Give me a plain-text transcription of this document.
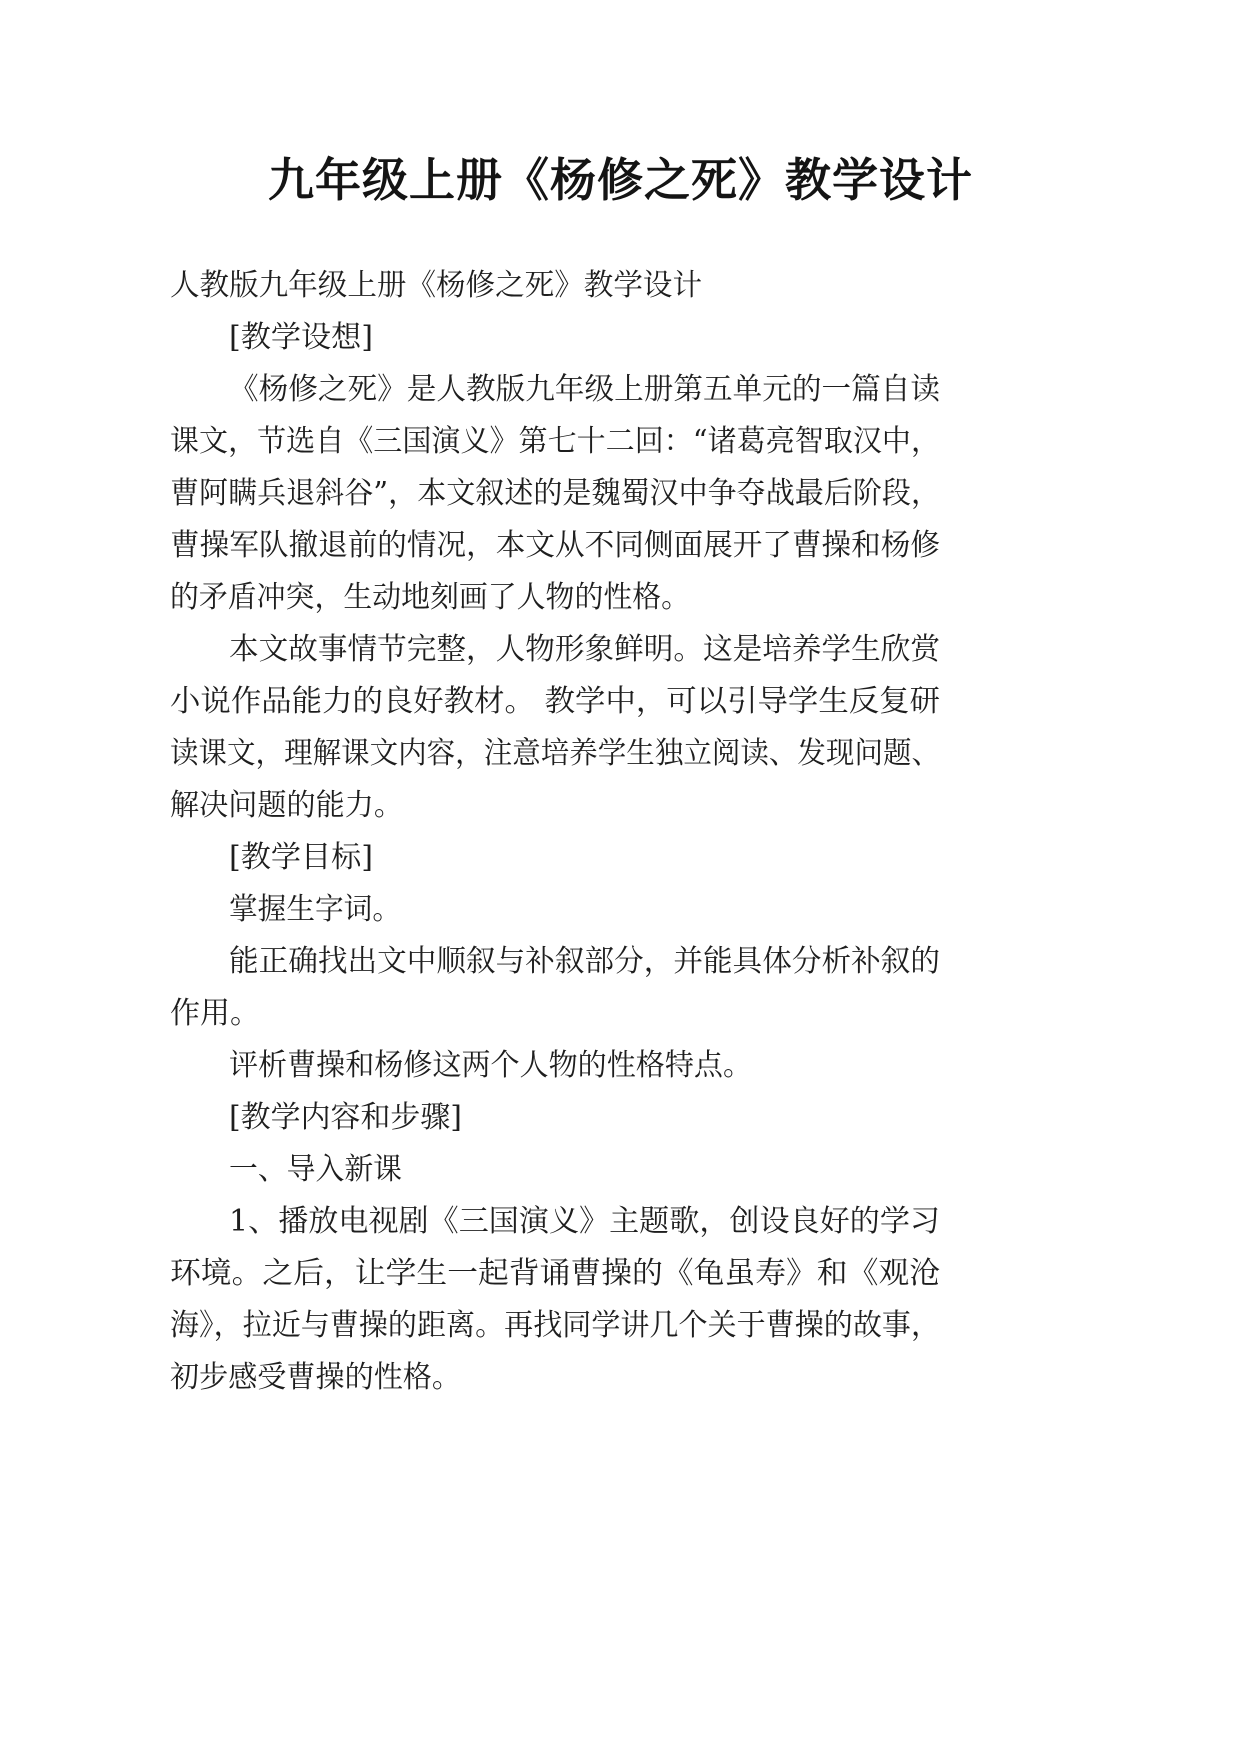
九年级上册《杨修之死》教学设计

人教版九年级上册《杨修之死》教学设计

[教学设想]

《杨修之死》是人教版九年级上册第五单元的一篇自读

课文，节选自《三国演义》第七十二回：“诸葛亮智取汉中，

曹阿瞒兵退斜谷”，本文叙述的是魏蜀汉中争夺战最后阶段，

曹操军队撤退前的情况，本文从不同侧面展开了曹操和杨修

的矛盾冲突，生动地刻画了人物的性格。

本文故事情节完整，人物形象鲜明。这是培养学生欣赏

小说作品能力的良好教材。 教学中，可以引导学生反复研

读课文，理解课文内容，注意培养学生独立阅读、发现问题、

解决问题的能力。

[教学目标]

掌握生字词。

能正确找出文中顺叙与补叙部分，并能具体分析补叙的

作用。

评析曹操和杨修这两个人物的性格特点。

[教学内容和步骤]

一、导入新课

1、播放电视剧《三国演义》主题歌，创设良好的学习

环境。之后，让学生一起背诵曹操的《龟虽寿》和《观沧

海》，拉近与曹操的距离。再找同学讲几个关于曹操的故事，

初步感受曹操的性格。
